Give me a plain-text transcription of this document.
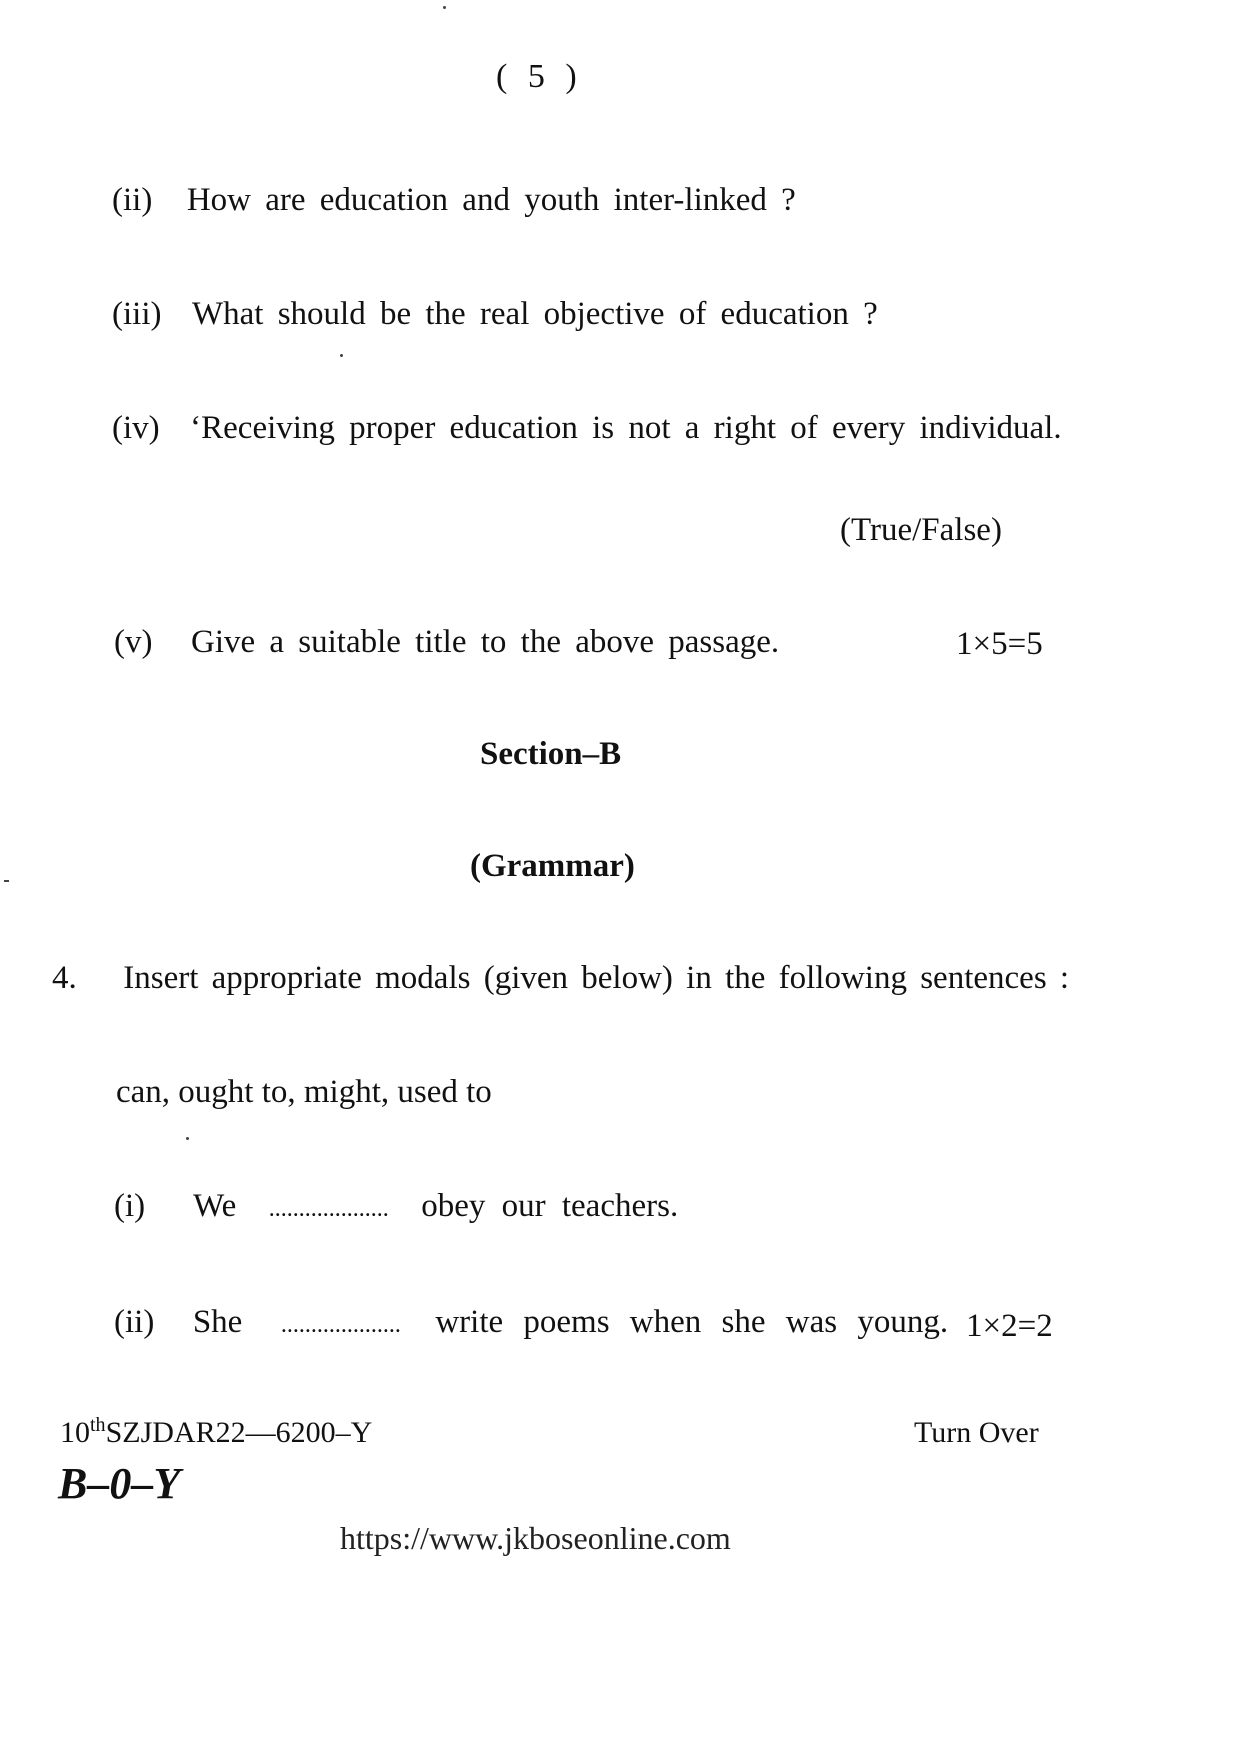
( 5 )
(ii) How are education and youth inter-linked ?
(iii) What should be the real objective of education ?
(iv) ‘Receiving proper education is not a right of every individual.
(True/False)
(v) Give a suitable title to the above passage.	1×5=5
Section–B
(Grammar)
4. Insert appropriate modals (given below) in the following sentences :
can, ought to, might, used to
(i) We .................... obey our teachers.
(ii) She .................... write poems when she was young. 1×2=2
10thSZJDAR22—6200–Y	Turn Over
B–0–Y
https://www.jkboseonline.com
